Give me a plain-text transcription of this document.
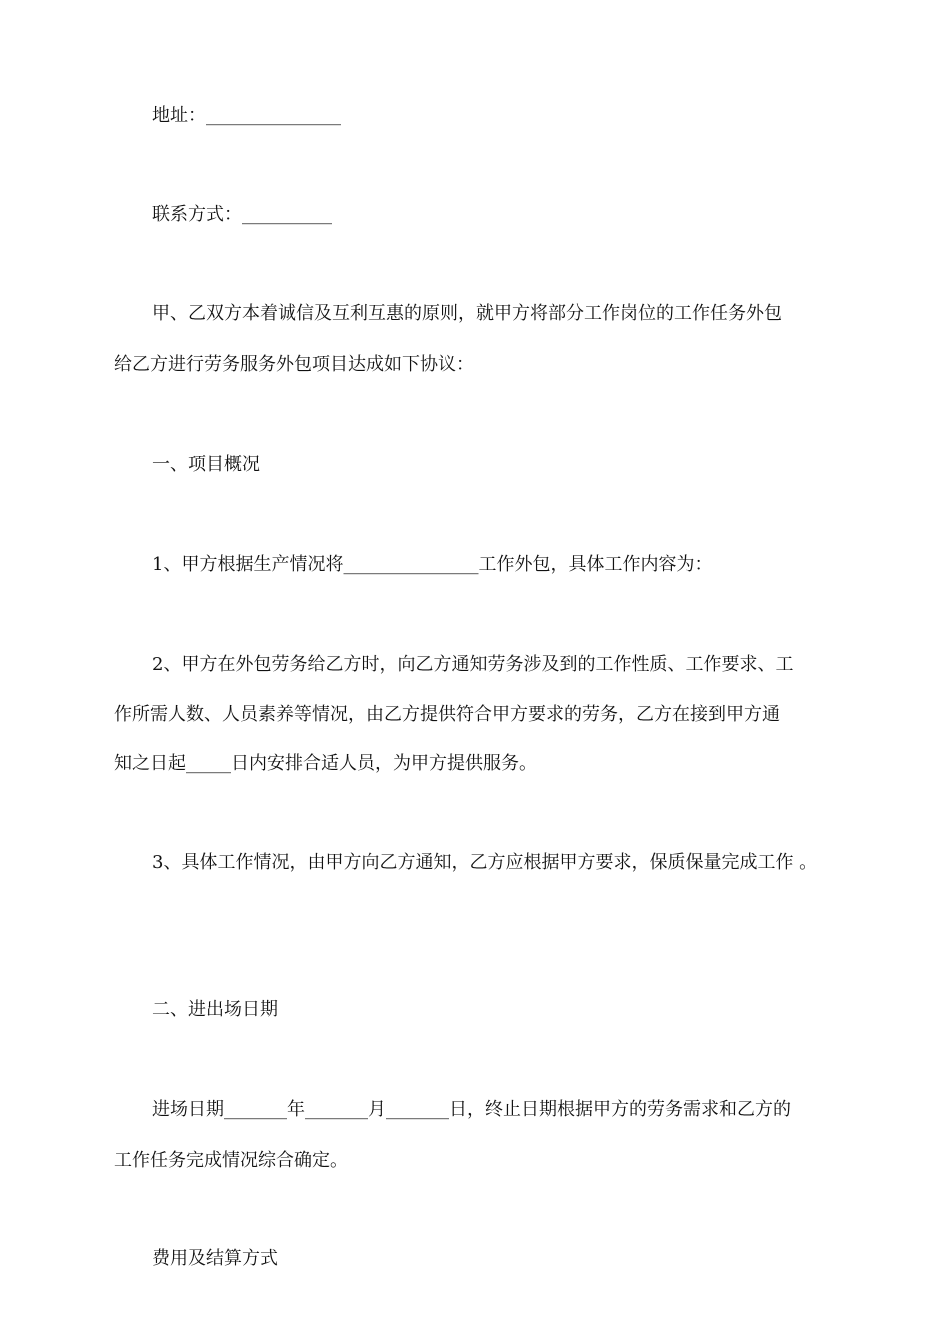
地址：_______________
联系方式：__________
甲、乙双方本着诚信及互利互惠的原则，就甲方将部分工作岗位的工作任务外包
给乙方进行劳务服务外包项目达成如下协议：
一、项目概况
1、甲方根据生产情况将_______________工作外包，具体工作内容为：
2、甲方在外包劳务给乙方时，向乙方通知劳务涉及到的工作性质、工作要求、工
作所需人数、人员素养等情况，由乙方提供符合甲方要求的劳务，乙方在接到甲方通
知之日起_____日内安排合适人员，为甲方提供服务。
3、具体工作情况，由甲方向乙方通知，乙方应根据甲方要求，保质保量完成工作 。
二、进出场日期
进场日期_______年_______月_______日，终止日期根据甲方的劳务需求和乙方的
工作任务完成情况综合确定。
费用及结算方式
